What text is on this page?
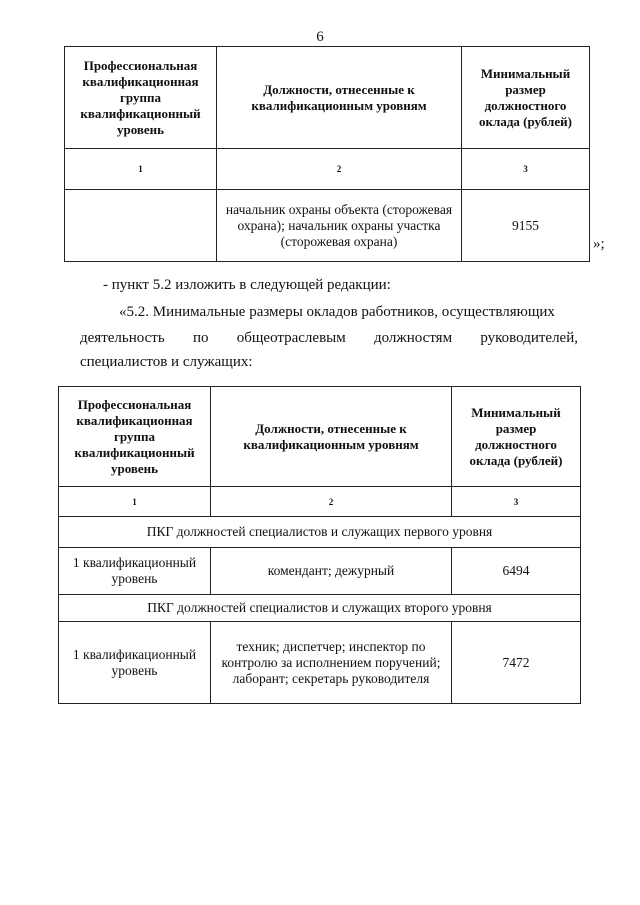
6
Профессиональная квалификационная группа квалификационный уровень	Должности, отнесенные к квалификационным уровням	Минимальный размер должностного оклада (рублей)
1	2	3
	начальник охраны объекта (сторожевая охрана); начальник охраны участка (сторожевая охрана)	9155
»;
- пункт 5.2 изложить в следующей редакции:
«5.2. Минимальные размеры окладов работников, осуществляющих
деятельность по общеотраслевым должностям руководителей,
специалистов и служащих:
Профессиональная квалификационная группа квалификационный уровень	Должности, отнесенные к квалификационным уровням	Минимальный размер должностного оклада (рублей)
1	2	3
ПКГ должностей специалистов и служащих первого уровня		
1 квалификационный уровень	комендант; дежурный	6494
ПКГ должностей специалистов и служащих второго уровня		
1 квалификационный уровень	техник; диспетчер; инспектор по контролю за исполнением поручений; лаборант; секретарь руководителя	7472
